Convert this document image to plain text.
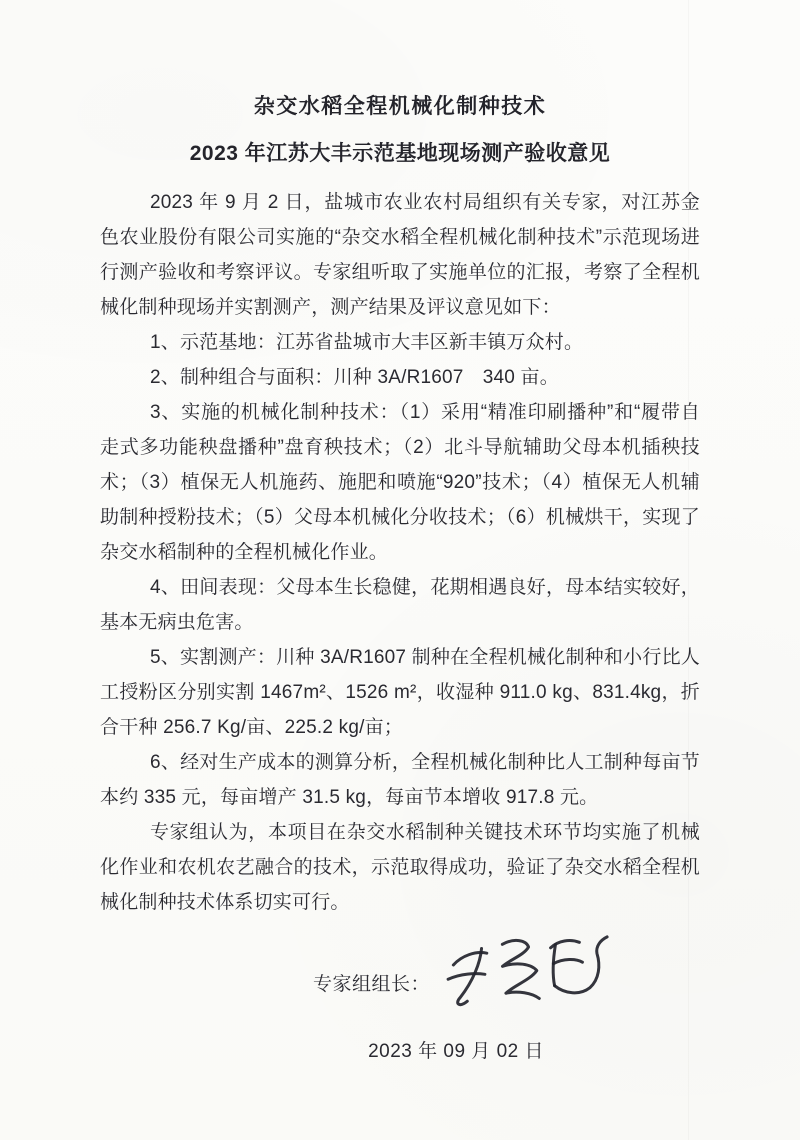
杂交水稻全程机械化制种技术
2023 年江苏大丰示范基地现场测产验收意见

2023 年 9 月 2 日，盐城市农业农村局组织有关专家，对江苏金色农业股份有限公司实施的“杂交水稻全程机械化制种技术”示范现场进行测产验收和考察评议。专家组听取了实施单位的汇报，考察了全程机械化制种现场并实割测产，测产结果及评议意见如下：

1、示范基地：江苏省盐城市大丰区新丰镇万众村。

2、制种组合与面积：川种 3A/R1607　340 亩。

3、实施的机械化制种技术：（1）采用“精准印刷播种”和“履带自走式多功能秧盘播种”盘育秧技术；（2）北斗导航辅助父母本机插秧技术；（3）植保无人机施药、施肥和喷施“920”技术；（4）植保无人机辅助制种授粉技术；（5）父母本机械化分收技术；（6）机械烘干，实现了杂交水稻制种的全程机械化作业。

4、田间表现：父母本生长稳健，花期相遇良好，母本结实较好，基本无病虫危害。

5、实割测产：川种 3A/R1607 制种在全程机械化制种和小行比人工授粉区分别实割 1467m²、1526 m²，收湿种 911.0 kg、831.4kg，折合干种 256.7 Kg/亩、225.2 kg/亩；

6、经对生产成本的测算分析，全程机械化制种比人工制种每亩节本约 335 元，每亩增产 31.5 kg，每亩节本增收 917.8 元。

专家组认为，本项目在杂交水稻制种关键技术环节均实施了机械化作业和农机农艺融合的技术，示范取得成功，验证了杂交水稻全程机械化制种技术体系切实可行。

专家组组长：
2023 年 09 月 02 日
